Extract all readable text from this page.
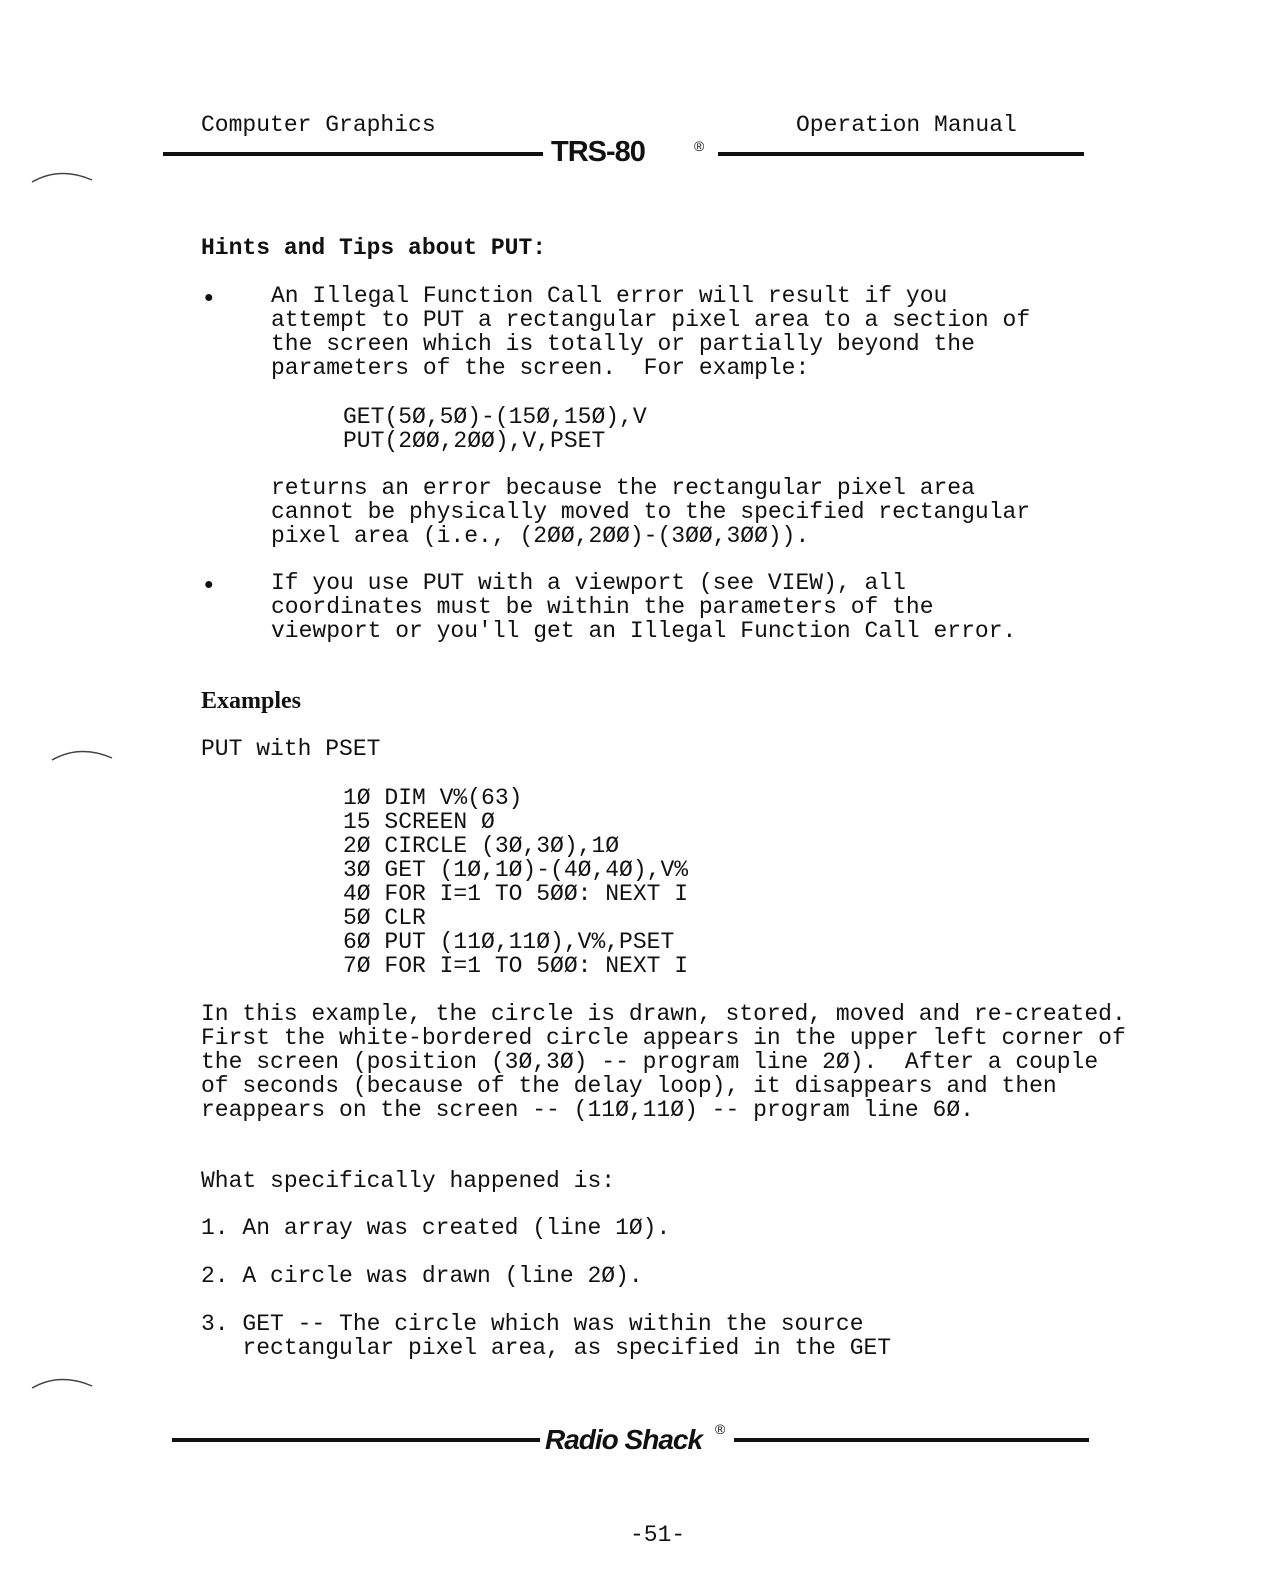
Computer Graphics	Operation Manual
TRS-80	®
Hints and Tips about PUT:
• An Illegal Function Call error will result if you
attempt to PUT a rectangular pixel area to a section of
the screen which is totally or partially beyond the
parameters of the screen.  For example:
GET(5Ø,5Ø)-(15Ø,15Ø),V
PUT(2ØØ,2ØØ),V,PSET
returns an error because the rectangular pixel area
cannot be physically moved to the specified rectangular
pixel area (i.e., (2ØØ,2ØØ)-(3ØØ,3ØØ)).
• If you use PUT with a viewport (see VIEW), all
coordinates must be within the parameters of the
viewport or you'll get an Illegal Function Call error.
Examples
PUT with PSET
1Ø DIM V%(63)
15 SCREEN Ø
2Ø CIRCLE (3Ø,3Ø),1Ø
3Ø GET (1Ø,1Ø)-(4Ø,4Ø),V%
4Ø FOR I=1 TO 5ØØ: NEXT I
5Ø CLR
6Ø PUT (11Ø,11Ø),V%,PSET
7Ø FOR I=1 TO 5ØØ: NEXT I
In this example, the circle is drawn, stored, moved and re-created.
First the white-bordered circle appears in the upper left corner of
the screen (position (3Ø,3Ø) -- program line 2Ø).  After a couple
of seconds (because of the delay loop), it disappears and then
reappears on the screen -- (11Ø,11Ø) -- program line 6Ø.
What specifically happened is:
1. An array was created (line 1Ø).
2. A circle was drawn (line 2Ø).
3. GET -- The circle which was within the source
rectangular pixel area, as specified in the GET
Radio Shack ®
-51-
